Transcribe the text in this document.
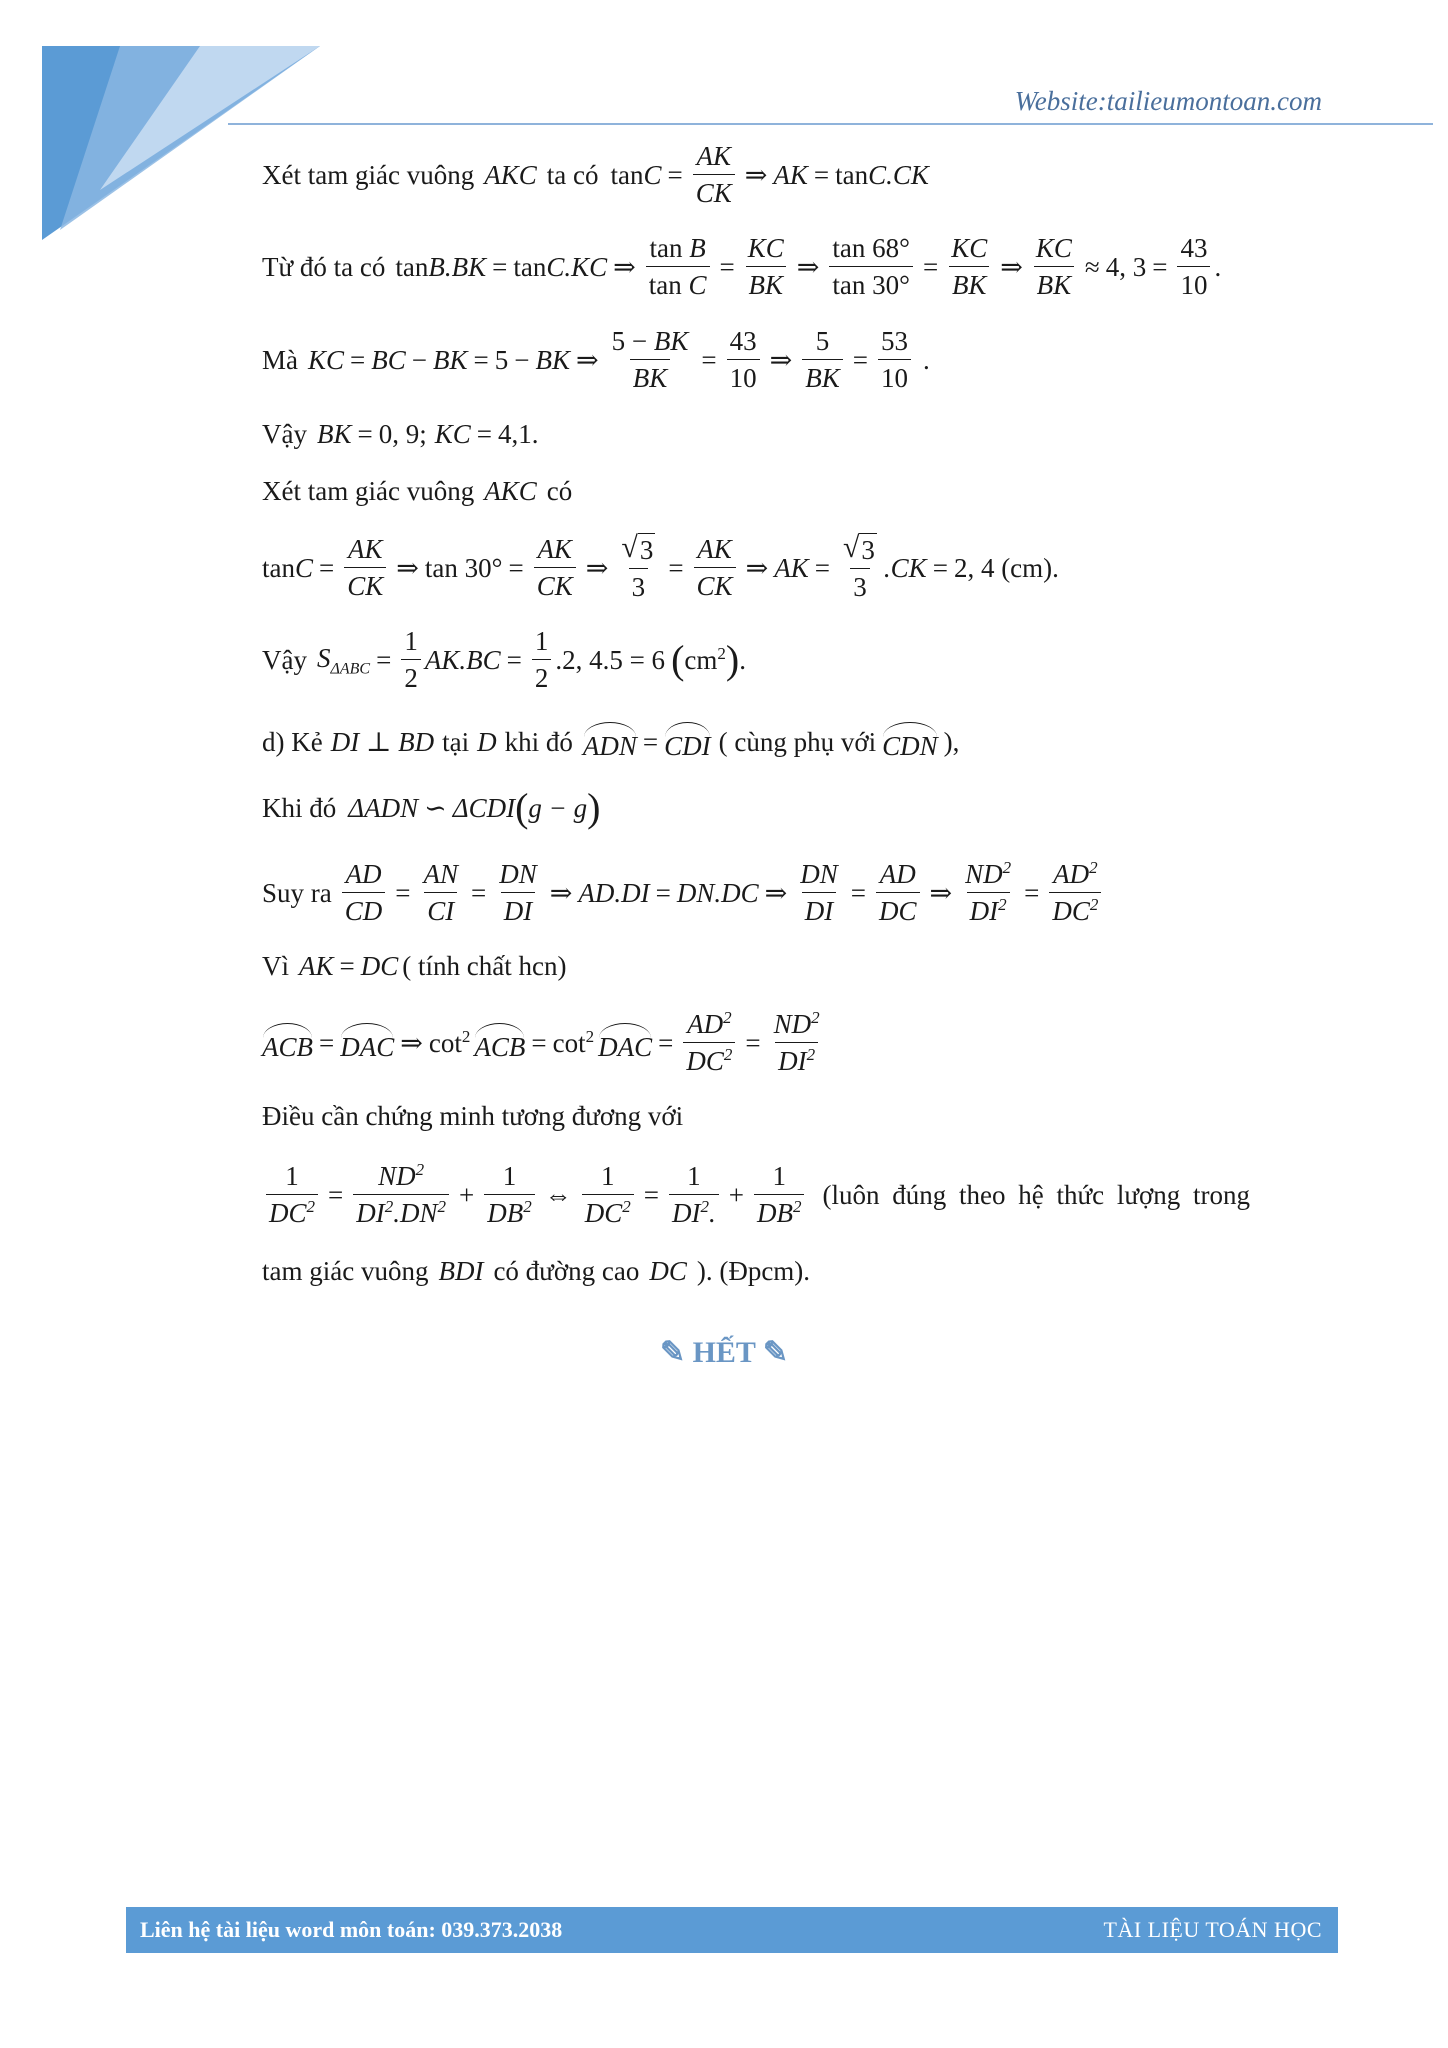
Website:tailieumontoan.com
Xét tam giác vuông AKC ta có $\tan C = \frac{AK}{CK}$ ⇒ AK = tan C.CK
Từ đó ta có tan B.BK = tan C.KC ⇒ $\frac{\text{tan B}}{\text{tan C}} = \frac{KC}{BK}$ ⇒ $\frac{\tan 68^\circ}{\tan 30^\circ} = \frac{KC}{BK}$ ⇒ $\frac{KC}{BK} \approx 4$, $3 = \frac{43}{10}$ .
Mà KC = BC − BK = 5 − BK ⇒ $\frac{5 - BK}{BK} = \frac{43}{10}$ ⇒ $\frac{5}{BK} = \frac{53}{10}$ .
Vậy BK = 0, 9; KC = 4,1.
Xét tam giác vuông AKC có
$\tan C = \frac{AK}{CK}$ ⇒ $\tan 30^\circ = \frac{AK}{CK}$ ⇒ $\frac{√ 3}{3} = \frac{AK}{CK}$ ⇒ AK = $\frac{√ 3}{3} .CK = 2$, 4 (cm).
Vậy $S_{\Delta ABC} = \frac{1}{2} AK.BC = \frac{1}{2} .2$, 4.5 = 6 ( $cm^2$ ) .
d) Kẻ DI ⊥ BD tại D khi đó ADN = CDI ( cùng phụ với CDN ),
Khi đó ΔADN ∽ ΔCDI ( g − g )
Suy ra $\frac{AD}{CD} = \frac{AN}{CI} = \frac{DN}{DI}$ ⇒ AD.DI = DN.DC ⇒ $\frac{DN}{DI} = \frac{AD}{DC}$ ⇒ $\frac{ND^2}{DI^2} = \frac{AD^2}{DC^2}$
Vì AK = DC ( tính chất hcn)
ACB = DAC ⇒ $\cot^2$ ACB = $\cot^2$ DAC = $\frac{AD^2}{DC^2} = \frac{ND^2}{DI^2}$
Điều cần chứng minh tương đương với
$\frac{1}{DC^2} = \frac{ND^2}{DI^2.DN^2} + \frac{1}{DB^2}$ ⇔ $\frac{1}{DC^2} = \frac{1}{DI^2.} + \frac{1}{DB^2}$ (luôn đúng theo hệ thức lượng trong
tam giác vuông BDI có đường cao DC ). (Đpcm).
✎ HẾT ✎
Liên hệ tài liệu word môn toán: 039.373.2038	TÀI LIỆU TOÁN HỌC
